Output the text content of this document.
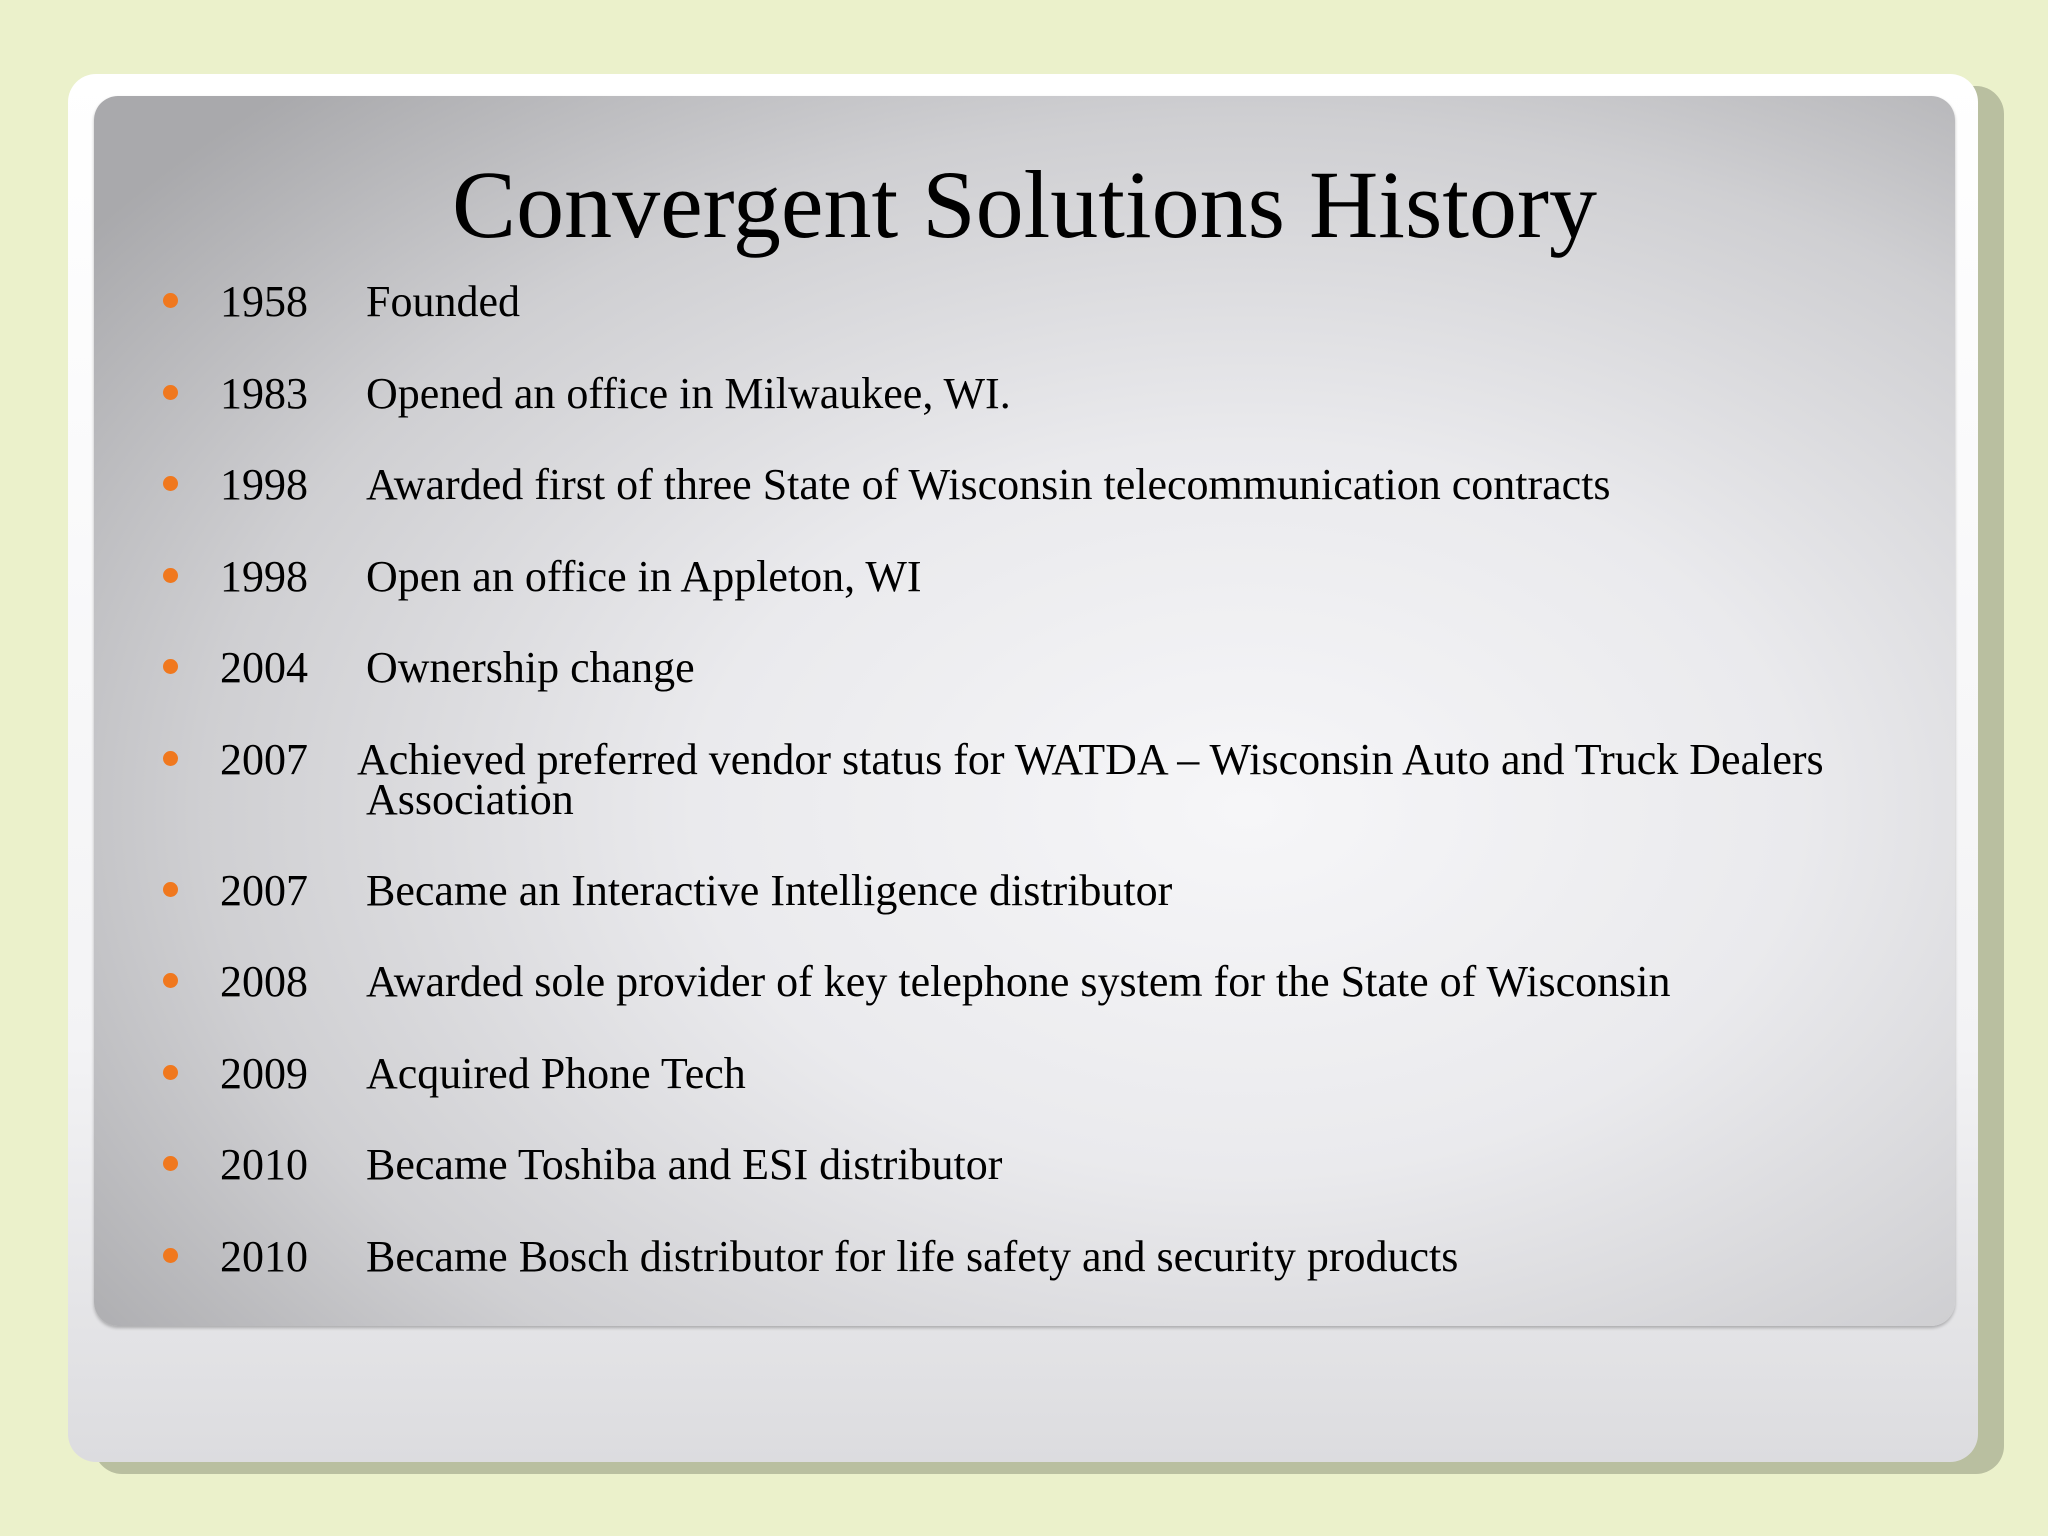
Convergent Solutions History
1958 Founded
1983 Opened an office in Milwaukee, WI.
1998 Awarded first of three State of Wisconsin telecommunication contracts
1998 Open an office in Appleton, WI
2004 Ownership change
2007 Achieved preferred vendor status for WATDA – Wisconsin Auto and Truck Dealers
Association
2007 Became an Interactive Intelligence distributor
2008 Awarded sole provider of key telephone system for the State of Wisconsin
2009 Acquired Phone Tech
2010 Became Toshiba and ESI distributor
2010 Became Bosch distributor for life safety and security products
